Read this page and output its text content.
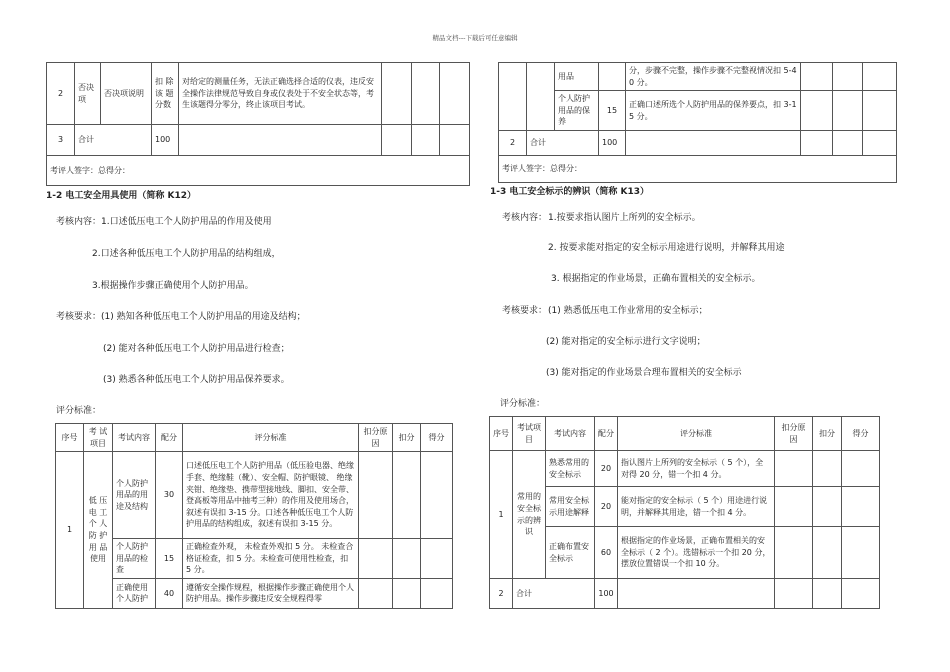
精品文档---下载后可任意编辑
2	否决项	否决项说明	扣 除 该 题 分数	对给定的测量任务，无法正确选择合适的仪表，违反安全操作法律规范导致自身或仪表处于不安全状态等，考生该题得分零分，终止该项目考试。			
3	合计		100				
考评人签字：总得分：							
1-2 电工安全用具使用（简称 K12）
考核内容： 1.口述低压电工个人防护用品的作用及使用
2.口述各种低压电工个人防护用品的结构组成，
3.根据操作步骤正确使用个人防护用品。
考核要求： (1) 熟知各种低压电工个人防护用品的用途及结构；
(2) 能对各种低压电工个人防护用品进行检查；
(3) 熟悉各种低压电工个人防护用品保养要求。
评分标准：
序号	考 试 项目	考试内容	配分	评分标准	扣分原因	扣分	得分
1	低 压 电 工 个 人 防 护 用 品 使用	个人防护用品的用途及结构	30	口述低压电工个人防护用品（低压验电器、绝缘手套、绝缘鞋（靴）、安全帽、防护眼镜、 绝缘夹钳、绝缘垫、携带型接地线、脚扣、安全带、登高板等用品中抽考三种）的作用及使用场合，叙述有误扣 3-15 分。口述各种低压电工个人防护用品的结构组成，叙述有误扣 3-15 分。			
		个人防护用品的检查	15	正确检查外观， 未检查外观扣 5 分。 未检查合格证检查，扣 5 分。未检查可使用性检查，扣 5 分。			
		正确使用个人防护	40	遵循安全操作规程，根据操作步骤正确使用个人防护用品。操作步骤违反安全规程得零			
		用品		分，步骤不完整，操作步骤不完整视情况扣 5-40 分。			
		个人防护用品的保养	15	正确口述所选个人防护用品的保养要点，扣 3-15 分。			
2	合计		100				
考评人签字：总得分：							
1-3 电工安全标示的辨识（简称 K13）
考核内容： 1.按要求指认图片上所列的安全标示。
2. 按要求能对指定的安全标示用途进行说明，并解释其用途
3. 根据指定的作业场景，正确布置相关的安全标示。
考核要求： (1) 熟悉低压电工作业常用的安全标示；
(2) 能对指定的安全标示进行文字说明；
(3) 能对指定的作业场景合理布置相关的安全标示
评分标准：
序号	考试项目	考试内容	配分	评分标准	扣分原因	扣分	得分
1	常用的安全标示的辨识	熟悉常用的安全标示	20	指认图片上所列的安全标示（ 5 个），全对得 20 分，错一个扣 4 分。			
		常用安全标示用途解释	20	能对指定的安全标示（ 5 个）用途进行说明，并解释其用途，错一个扣 4 分。			
		正确布置安全标示	60	根据指定的作业场景，正确布置相关的安全标示（ 2 个）。选错标示一个扣 20 分，摆放位置错误一个扣 10 分。			
2	合计		100				
